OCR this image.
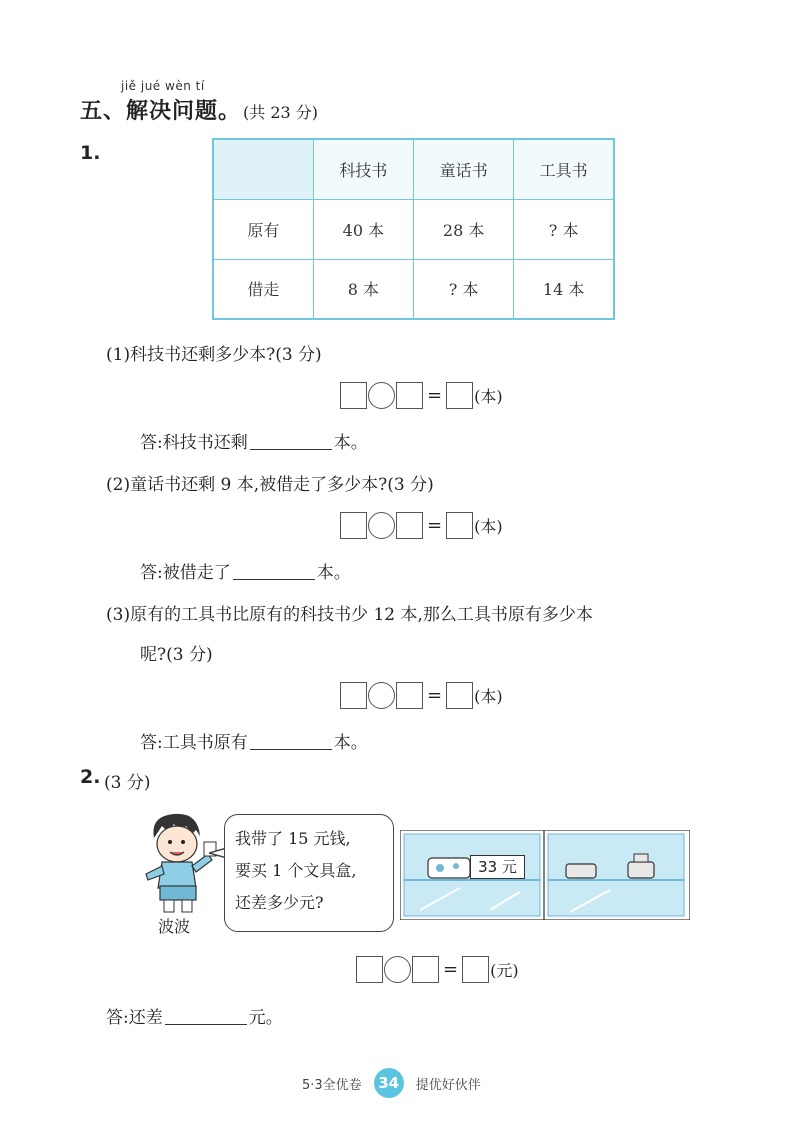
jiě jué wèn tí
五、解决问题。 (共 23 分)
1.
	科技书	童话书	工具书
原有	40 本	28 本	? 本
借走	8 本	? 本	14 本
(1)科技书还剩多少本?(3 分)
= (本)
答:科技书还剩	本。
(2)童话书还剩 9 本,被借走了多少本?(3 分)
= (本)
答:被借走了	本。
(3)原有的工具书比原有的科技书少 12 本,那么工具书原有多少本
呢?(3 分)
= (本)
答:工具书原有	本。
2. (3 分)
波波
我带了 15 元钱,
要买 1 个文具盒,
还差多少元?
33 元
= (元)
答:还差	元。
5·3全优卷	34	提优好伙伴
